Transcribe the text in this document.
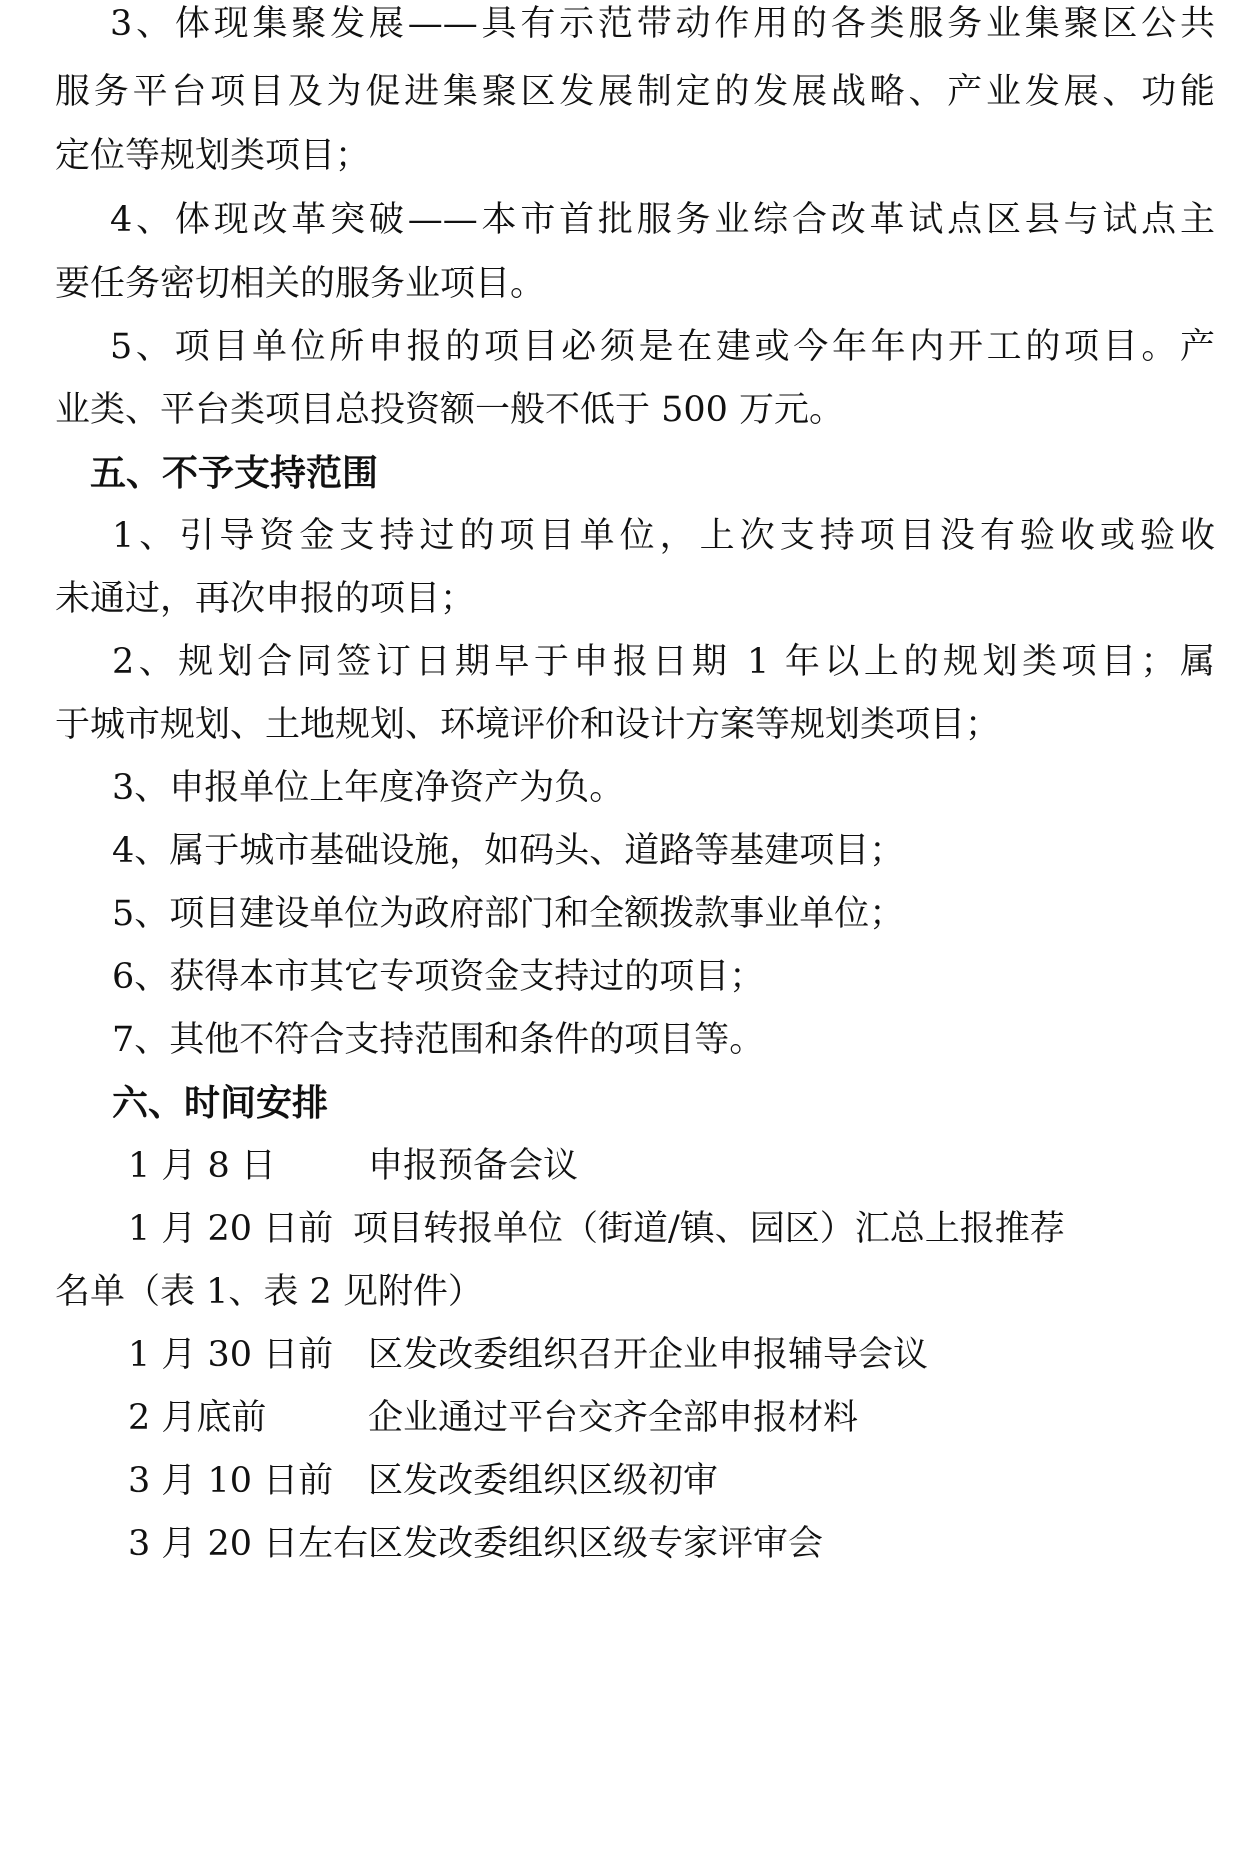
3、体现集聚发展——具有示范带动作用的各类服务业集聚区公共
服务平台项目及为促进集聚区发展制定的发展战略、产业发展、功能
定位等规划类项目；
4、体现改革突破——本市首批服务业综合改革试点区县与试点主
要任务密切相关的服务业项目。
5、项目单位所申报的项目必须是在建或今年年内开工的项目。产
业类、平台类项目总投资额一般不低于 500 万元。
五、不予支持范围
1、引导资金支持过的项目单位，上次支持项目没有验收或验收
未通过，再次申报的项目；
2、规划合同签订日期早于申报日期 1 年以上的规划类项目；属
于城市规划、土地规划、环境评价和设计方案等规划类项目；
3、申报单位上年度净资产为负。
4、属于城市基础设施，如码头、道路等基建项目；
5、项目建设单位为政府部门和全额拨款事业单位；
6、获得本市其它专项资金支持过的项目；
7、其他不符合支持范围和条件的项目等。
六、时间安排
1 月 8 日	申报预备会议
1 月 20 日前 项目转报单位（街道/镇、园区）汇总上报推荐
名单（表 1、表 2 见附件）
1 月 30 日前 区发改委组织召开企业申报辅导会议
2 月底前	企业通过平台交齐全部申报材料
3 月 10 日前 区发改委组织区级初审
3 月 20 日左右 区发改委组织区级专家评审会
